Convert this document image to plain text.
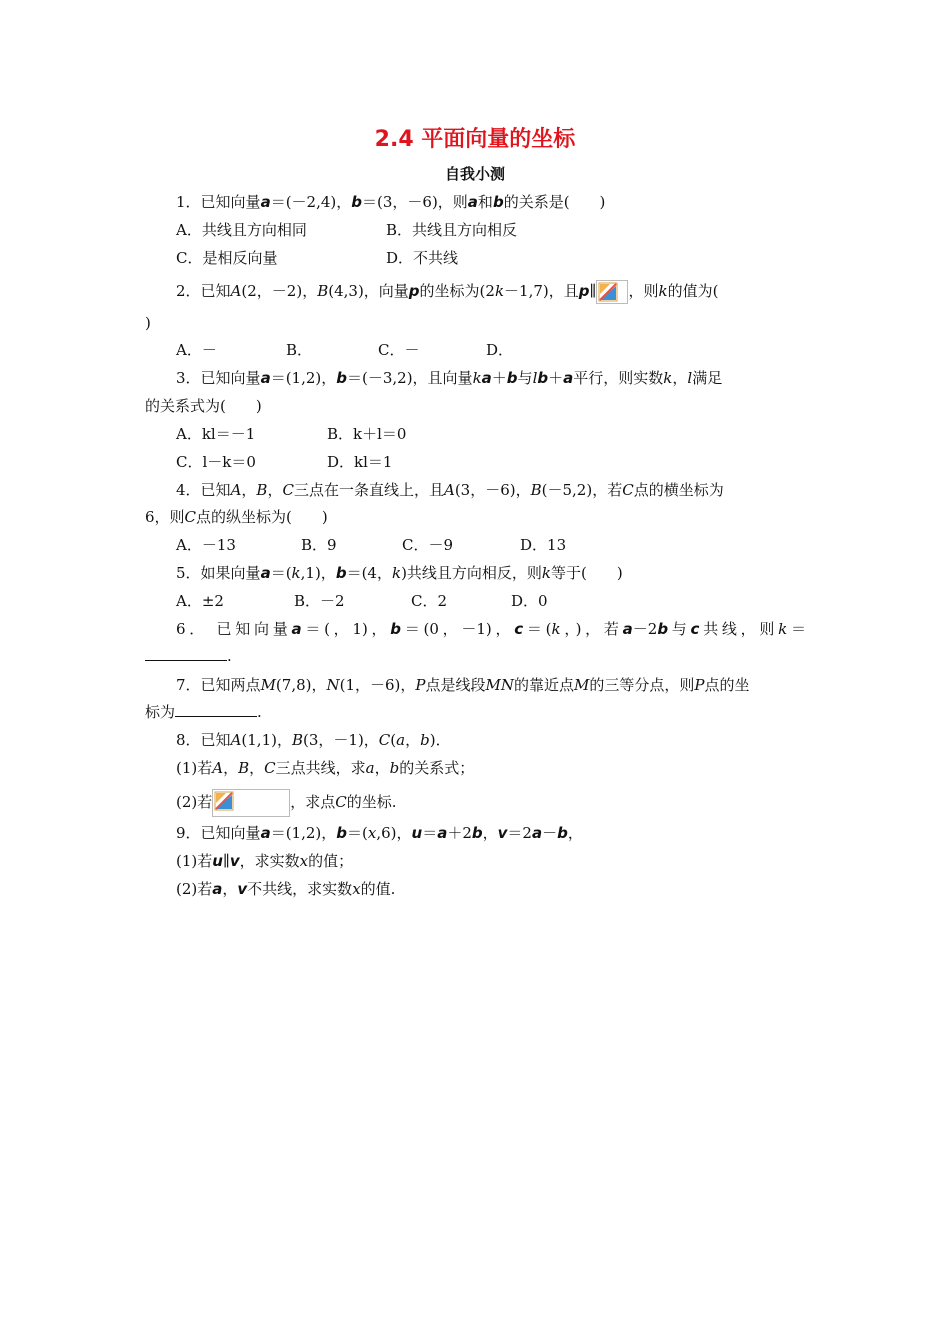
2.4 平面向量的坐标
自我小测
1．已知向量a＝(－2,4)，b＝(3，－6)，则a和b的关系是(　　)
A．共线且方向相同	B．共线且方向相反
C．是相反向量	D．不共线
2．已知A(2，－2)，B(4,3)，向量p的坐标为(2k－1,7)，且p∥ ，则k的值为(
)
A．－	B．	C．－	D．
3．已知向量a＝(1,2)，b＝(－3,2)，且向量ka＋b与lb＋a平行，则实数k，l满足
的关系式为(　　)
A．kl＝－1	B．k＋l＝0
C．l－k＝0	D．kl＝1
4．已知A，B，C三点在一条直线上，且A(3，－6)，B(－5,2)，若C点的横坐标为
6，则C点的纵坐标为(　　)
A．－13	B．9	C．－9	D．13
5．如果向量a＝(k,1)，b＝(4，k)共线且方向相反，则k等于(　　)
A．±2	B．－2	C．2	D．0
6． 已知向量a＝(，1)，b＝(0，－1)，c＝(k，)，若a－2b与c共线，则k＝
.
7．已知两点M(7,8)，N(1，－6)，P点是线段MN的靠近点M的三等分点，则P点的坐
标为	.
8．已知A(1,1)，B(3，－1)，C(a，b)．
(1)若A，B，C三点共线，求a，b的关系式；
(2)若	，求点C的坐标.
9．已知向量a＝(1,2)，b＝(x,6)，u＝a＋2b，v＝2a－b，
(1)若u∥v，求实数x的值；
(2)若a，v不共线，求实数x的值.
